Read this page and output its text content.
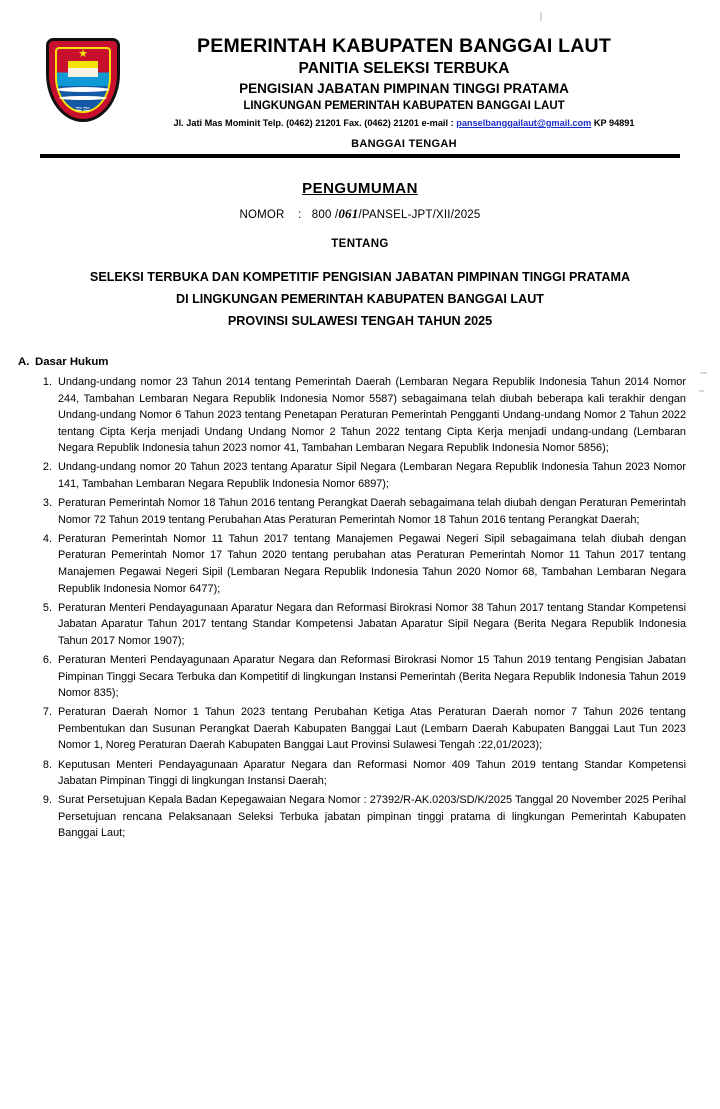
★
≈≈
PEMERINTAH KABUPATEN BANGGAI LAUT
PANITIA SELEKSI TERBUKA
PENGISIAN JABATAN PIMPINAN TINGGI PRATAMA
LINGKUNGAN PEMERINTAH KABUPATEN BANGGAI LAUT
Jl. Jati Mas Mominit Telp. (0462) 21201 Fax. (0462) 21201 e-mail : panselbanggailaut@gmail.com KP 94891
BANGGAI TENGAH
PENGUMUMAN
NOMOR : 800 /061/PANSEL-JPT/XII/2025
TENTANG
SELEKSI TERBUKA DAN KOMPETITIF PENGISIAN JABATAN PIMPINAN TINGGI PRATAMA
DI LINGKUNGAN PEMERINTAH KABUPATEN BANGGAI LAUT
PROVINSI SULAWESI TENGAH TAHUN 2025
A. Dasar Hukum
Undang-undang nomor 23 Tahun 2014 tentang Pemerintah Daerah (Lembaran Negara Republik Indonesia Tahun 2014 Nomor 244, Tambahan Lembaran Negara Republik Indonesia Nomor 5587) sebagaimana telah diubah beberapa kali terakhir dengan Undang-undang Nomor 6 Tahun 2023 tentang Penetapan Peraturan Pemerintah Pengganti Undang-undang Nomor 2 Tahun 2022 tentang Cipta Kerja menjadi Undang Undang Nomor 2 Tahun 2022 tentang Cipta Kerja menjadi undang-undang (Lembaran Negara Republik Indonesia tahun 2023 nomor 41, Tambahan Lembaran Negara Republik Indonesia Nomor 5856);
Undang-undang nomor 20 Tahun 2023 tentang Aparatur Sipil Negara (Lembaran Negara Republik Indonesia Tahun 2023 Nomor 141, Tambahan Lembaran Negara Republik Indonesia Nomor 6897);
Peraturan Pemerintah Nomor 18 Tahun 2016 tentang Perangkat Daerah sebagaimana telah diubah dengan Peraturan Pemerintah Nomor 72 Tahun 2019 tentang Perubahan Atas Peraturan Pemerintah Nomor 18 Tahun 2016 tentang Perangkat Daerah;
Peraturan Pemerintah Nomor 11 Tahun 2017 tentang Manajemen Pegawai Negeri Sipil sebagaimana telah diubah dengan Peraturan Pemerintah Nomor 17 Tahun 2020 tentang perubahan atas Peraturan Pemerintah Nomor 11 Tahun 2017 tentang Manajemen Pegawai Negeri Sipil (Lembaran Negara Republik Indonesia Tahun 2020 Nomor 68, Tambahan Lembaran Negara Republik Indonesia Nomor 6477);
Peraturan Menteri Pendayagunaan Aparatur Negara dan Reformasi Birokrasi Nomor 38 Tahun 2017 tentang Standar Kompetensi Jabatan Aparatur Tahun 2017 tentang Standar Kompetensi Jabatan Aparatur Sipil Negara (Berita Negara Republik Indonesia Tahun 2017 Nomor 1907);
Peraturan Menteri Pendayagunaan Aparatur Negara dan Reformasi Birokrasi Nomor 15 Tahun 2019 tentang Pengisian Jabatan Pimpinan Tinggi Secara Terbuka dan Kompetitif di lingkungan Instansi Pemerintah (Berita Negara Republik Indonesia Tahun 2019 Nomor 835);
Peraturan Daerah Nomor 1 Tahun 2023 tentang Perubahan Ketiga Atas Peraturan Daerah nomor 7 Tahun 2026 tentang Pembentukan dan Susunan Perangkat Daerah Kabupaten Banggai Laut (Lembarn Daerah Kabupaten Banggai Laut Tun 2023 Nomor 1, Noreg Peraturan Daerah Kabupaten Banggai Laut Provinsi Sulawesi Tengah :22,01/2023);
Keputusan Menteri Pendayagunaan Aparatur Negara dan Reformasi Nomor 409 Tahun 2019 tentang Standar Kompetensi Jabatan Pimpinan Tinggi di lingkungan Instansi Daerah;
Surat Persetujuan Kepala Badan Kepegawaian Negara Nomor : 27392/R-AK.0203/SD/K/2025 Tanggal 20 November 2025 Perihal Persetujuan rencana Pelaksanaan Seleksi Terbuka jabatan pimpinan tinggi pratama di lingkungan Pemerintah Kabupaten Banggai Laut;
